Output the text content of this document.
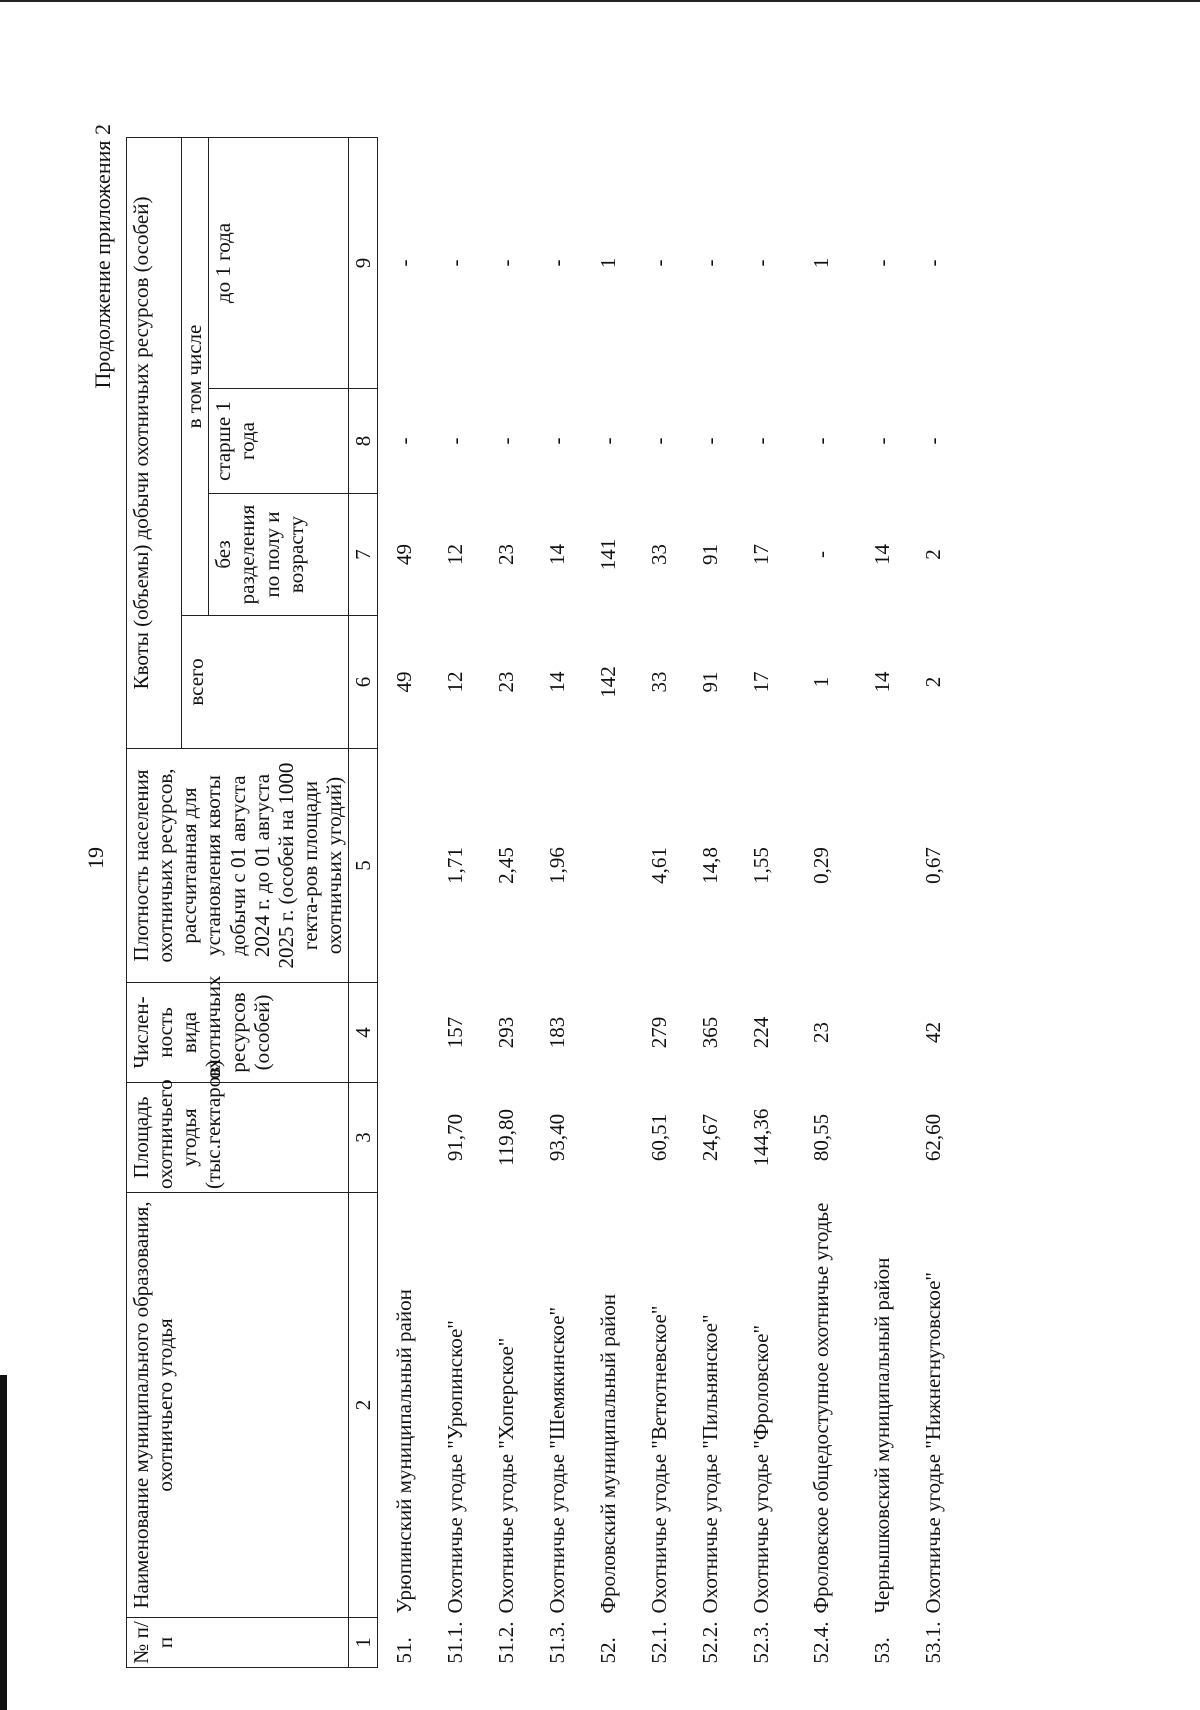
19
Продолжение приложения 2
№ п/п	Наименование муниципального образования, охотничьего угодья	Площадь охотничьего угодья (тыс.гектаров)	Числен-ность вида охотничьих ресурсов (особей)	Плотность населения охотничьих ресурсов, рассчитанная для установления квоты добычи с 01 августа 2024 г. до 01 августа 2025 г. (особей на 1000 гекта-ров площади охотничьих угодий)	Квоты (объемы) добычи охотничьих ресурсов (особей)			
					всего	в том числе		
						без разделения по полу и возрасту	старше 1 года	до 1 года
1	2	3	4	5	6	7	8	9
51.	Урюпинский муниципальный район				49	49	-	-
51.1.	Охотничье угодье "Урюпинское"	91,70	157	1,71	12	12	-	-
51.2.	Охотничье угодье "Хоперское"	119,80	293	2,45	23	23	-	-
51.3.	Охотничье угодье "Шемякинское"	93,40	183	1,96	14	14	-	-
52.	Фроловский муниципальный район				142	141	-	1
52.1.	Охотничье угодье "Ветютневское"	60,51	279	4,61	33	33	-	-
52.2.	Охотничье угодье "Пильнянское"	24,67	365	14,8	91	91	-	-
52.3.	Охотничье угодье "Фроловское"	144,36	224	1,55	17	17	-	-
52.4.	Фроловское общедоступное охотничье угодье	80,55	23	0,29	1	-	-	1
53.	Чернышковский муниципальный район				14	14	-	-
53.1.	Охотничье угодье "Нижнегнутовское"	62,60	42	0,67	2	2	-	-
